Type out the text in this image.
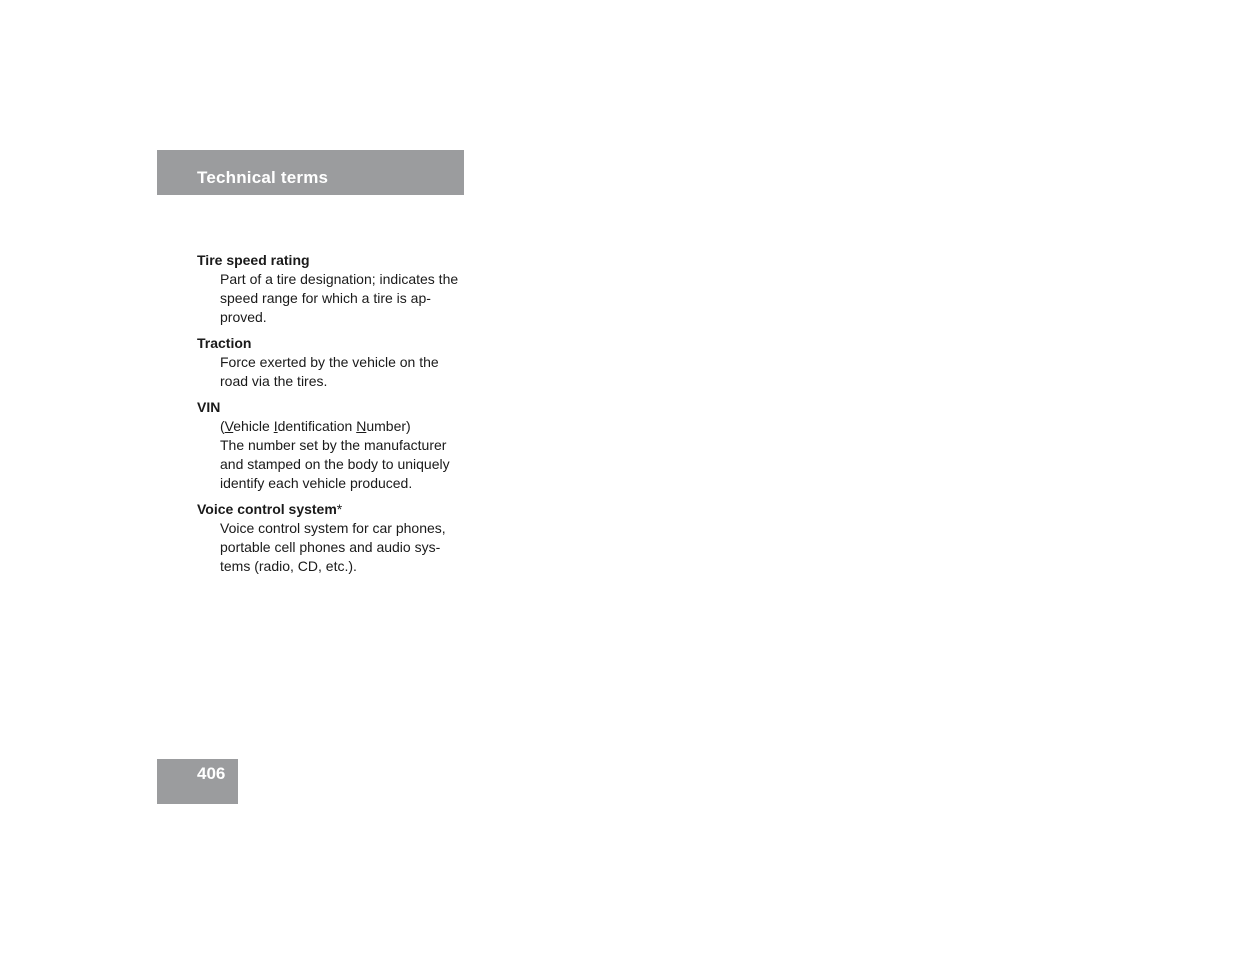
Technical terms
Tire speed rating
Part of a tire designation; indicates the
speed range for which a tire is ap-
proved.
Traction
Force exerted by the vehicle on the
road via the tires.
VIN
(Vehicle Identification Number)
The number set by the manufacturer
and stamped on the body to uniquely
identify each vehicle produced.
Voice control system*
Voice control system for car phones,
portable cell phones and audio sys-
tems (radio, CD, etc.).
406
